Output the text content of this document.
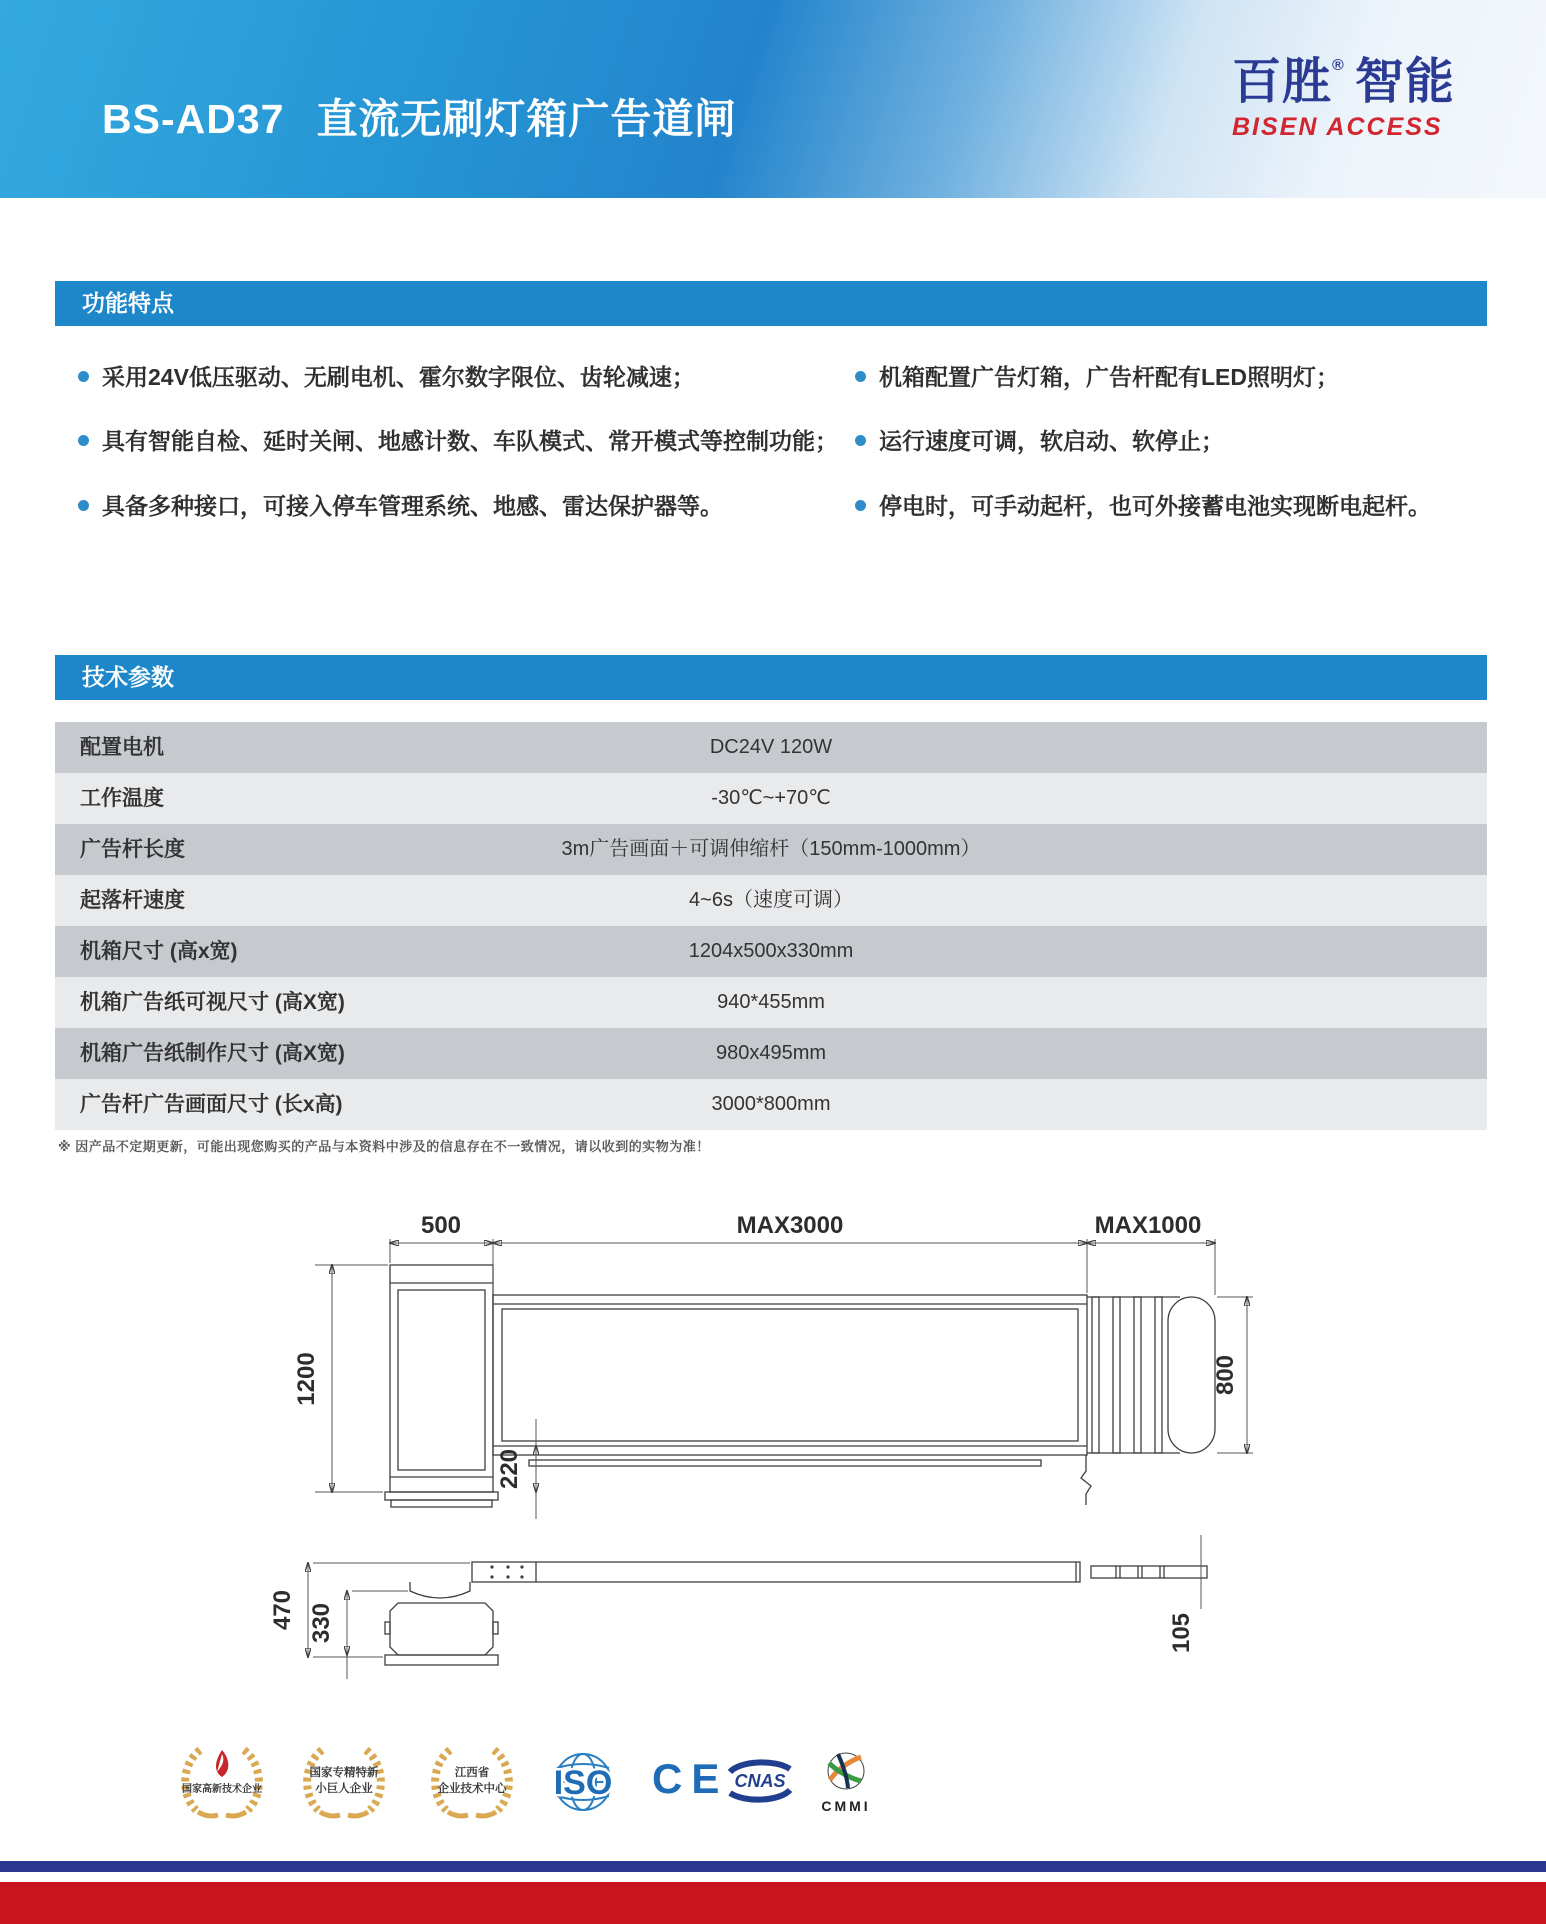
BS-AD37 直流无刷灯箱广告道闸
百胜® 智能
BISEN ACCESS
功能特点
采用24V低压驱动、无刷电机、霍尔数字限位、齿轮减速；
具有智能自检、延时关闸、地感计数、车队模式、常开模式等控制功能；
具备多种接口，可接入停车管理系统、地感、雷达保护器等。
机箱配置广告灯箱，广告杆配有LED照明灯；
运行速度可调，软启动、软停止；
停电时，可手动起杆，也可外接蓄电池实现断电起杆。
技术参数
配置电机	DC24V 120W
工作温度	-30℃~+70℃
广告杆长度	3m广告画面＋可调伸缩杆（150mm-1000mm）
起落杆速度	4~6s（速度可调）
机箱尺寸 (高x宽)	1204x500x330mm
机箱广告纸可视尺寸 (高X宽)	940*455mm
机箱广告纸制作尺寸 (高X宽)	980x495mm
广告杆广告画面尺寸 (长x高)	3000*800mm
※ 因产品不定期更新，可能出现您购买的产品与本资料中涉及的信息存在不一致情况，请以收到的实物为准！
500	MAX3000	MAX1000
1200	800
220
470 330	105
国家高新技术企业
国家专精特新
小巨人企业
江西省
企业技术中心	ISO CE CNAS
CMMI
